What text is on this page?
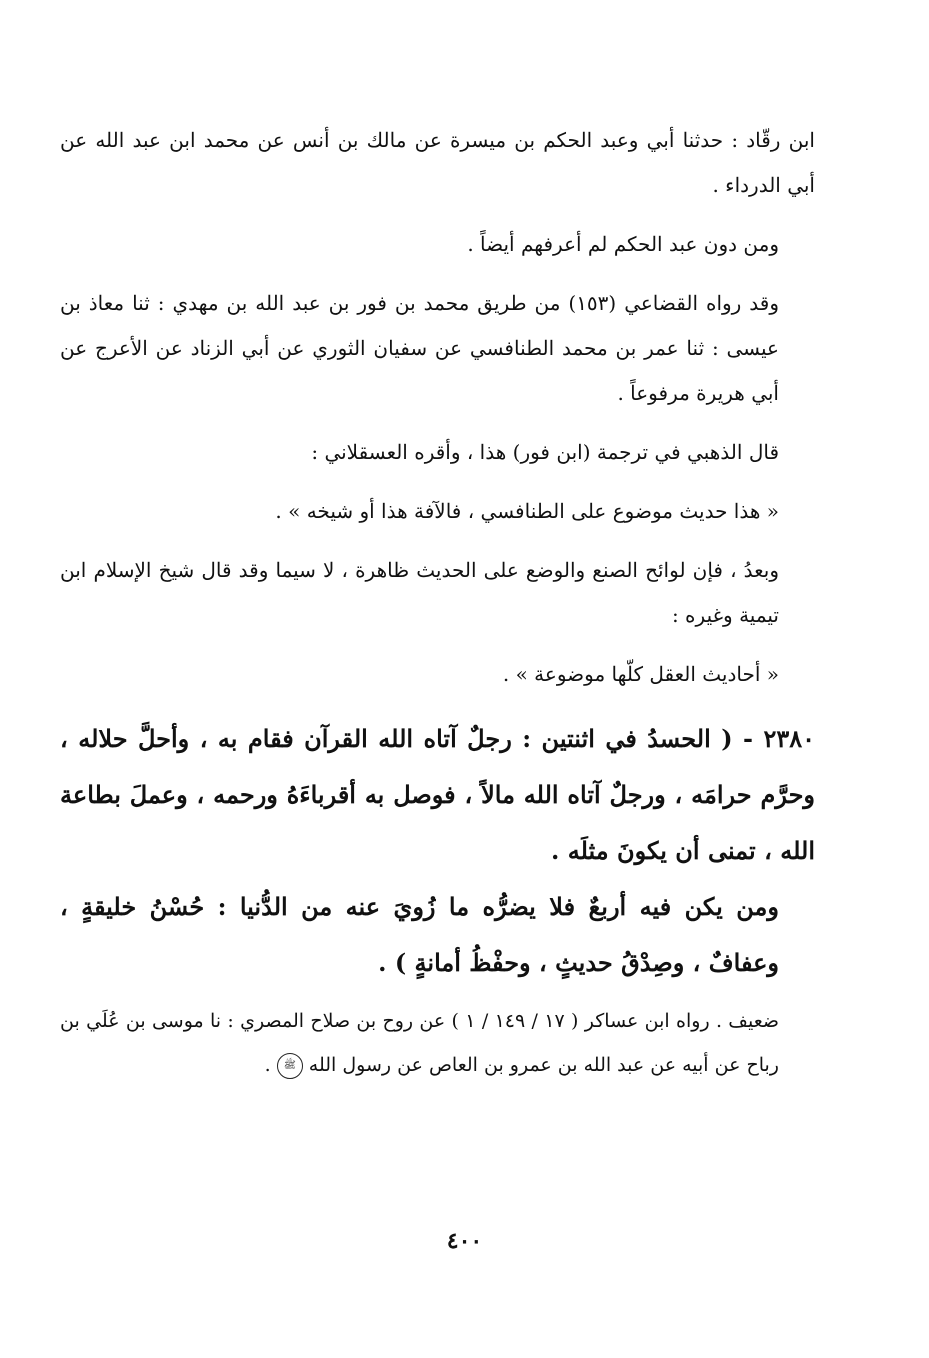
ابن رقّاد : حدثنا أبي وعبد الحكم بن ميسرة عن مالك بن أنس عن محمد ابن عبد الله عن أبي الدرداء .

ومن دون عبد الحكم لم أعرفهم أيضاً .

وقد رواه القضاعي (١٥٣) من طريق محمد بن فور بن عبد الله بن مهدي : ثنا معاذ بن عيسى : ثنا عمر بن محمد الطنافسي عن سفيان الثوري عن أبي الزناد عن الأعرج عن أبي هريرة مرفوعاً .

قال الذهبي في ترجمة (ابن فور) هذا ، وأقره العسقلاني :

« هذا حديث موضوع على الطنافسي ، فالآفة هذا أو شيخه » .

وبعدُ ، فإن لوائح الصنع والوضع على الحديث ظاهرة ، لا سيما وقد قال شيخ الإسلام ابن تيمية وغيره :

« أحاديث العقل كلّها موضوعة » .

٢٣٨٠ - ( الحسدُ في اثنتين : رجلٌ آتاه الله القرآن فقام به ، وأحلَّ حلاله ، وحرَّم حرامَه ، ورجلٌ آتاه الله مالاً ، فوصل به أقرباءَهُ ورحمه ، وعملَ بطاعة الله ، تمنى أن يكونَ مثلَه .

ومن يكن فيه أربعٌ فلا يضرُّه ما زُويَ عنه من الدُّنيا : حُسْنُ خليقةٍ ، وعفافٌ ، وصِدْقُ حديثٍ ، وحفْظُ أمانةٍ ) .

ضعيف . رواه ابن عساكر ( ١٧ / ١٤٩ / ١ ) عن روح بن صلاح المصري : نا موسى بن عُلَي بن رباح عن أبيه عن عبد الله بن عمرو بن العاص عن رسول الله ﷺ .

٤٠٠
